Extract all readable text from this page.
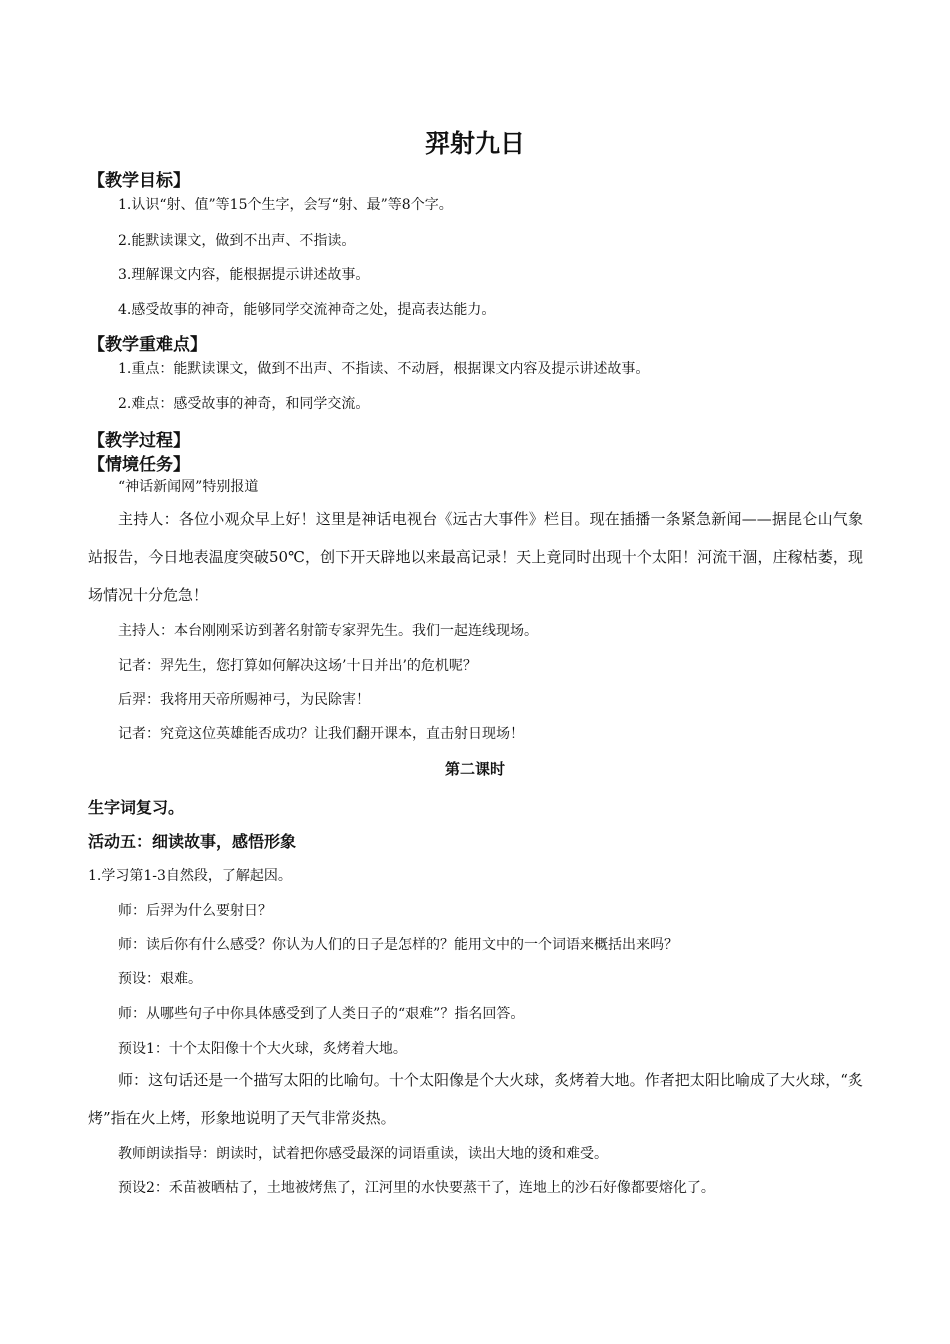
羿射九日
【教学目标】
1.认识“射、值”等15个生字，会写“射、最”等8个字。
2.能默读课文，做到不出声、不指读。
3.理解课文内容，能根据提示讲述故事。
4.感受故事的神奇，能够同学交流神奇之处，提高表达能力。
【教学重难点】
1.重点：能默读课文，做到不出声、不指读、不动唇，根据课文内容及提示讲述故事。
2.难点：感受故事的神奇，和同学交流。
【教学过程】
【情境任务】
“神话新闻网”特别报道
主持人：各位小观众早上好！这里是神话电视台《远古大事件》栏目。现在插播一条紧急新闻——据昆仑山气象站报告，今日地表温度突破50℃，创下开天辟地以来最高记录！天上竟同时出现十个太阳！河流干涸，庄稼枯萎，现场情况十分危急！
主持人：本台刚刚采访到著名射箭专家羿先生。我们一起连线现场。
记者：羿先生，您打算如何解决这场’十日并出’的危机呢？
后羿：我将用天帝所赐神弓，为民除害！
记者：究竟这位英雄能否成功？让我们翻开课本，直击射日现场！
第二课时
生字词复习。
活动五：细读故事，感悟形象
1.学习第1-3自然段，了解起因。
师：后羿为什么要射日？
师：读后你有什么感受？你认为人们的日子是怎样的？能用文中的一个词语来概括出来吗？
预设：艰难。
师：从哪些句子中你具体感受到了人类日子的“艰难”？指名回答。
预设1：十个太阳像十个大火球，炙烤着大地。
师：这句话还是一个描写太阳的比喻句。十个太阳像是个大火球，炙烤着大地。作者把太阳比喻成了大火球，“炙烤”指在火上烤，形象地说明了天气非常炎热。
教师朗读指导：朗读时，试着把你感受最深的词语重读，读出大地的烫和难受。
预设2：禾苗被晒枯了，土地被烤焦了，江河里的水快要蒸干了，连地上的沙石好像都要熔化了。
